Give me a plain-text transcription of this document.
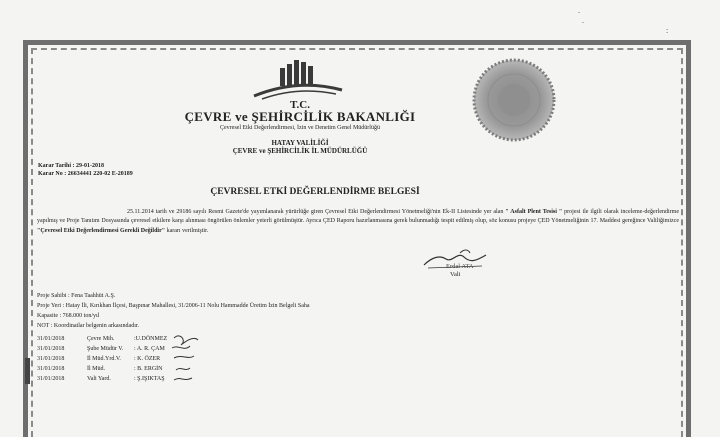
.
.
:
T.C.
ÇEVRE ve ŞEHİRCİLİK BAKANLIĞI
Çevresel Etki Değerlendirmesi, İzin ve Denetim Genel Müdürlüğü
HATAY VALİLİĞİ
ÇEVRE ve ŞEHİRCİLİK İL MÜDÜRLÜĞÜ
Karar Tarihi : 29-01-2018
Karar No : 26634441 220-02 E-20189
ÇEVRESEL ETKİ DEĞERLENDİRME BELGESİ

25.11.2014 tarih ve 29186 sayılı Resmi Gazete'de yayımlanarak yürürlüğe giren Çevresel Etki Değerlendirmesi Yönetmeliği'nin Ek-II Listesinde yer alan " Asfalt Plent Tesisi " projesi ile ilgili olarak inceleme-değerlendirme yapılmış ve Proje Tanıtım Dosyasında çevresel etkilere karşı alınması öngörülen önlemler yeterli görülmüştür. Ayrıca ÇED Raporu hazırlanmasına gerek bulunmadığı tespit edilmiş olup, söz konusu projeye ÇED Yönetmeliğinin 17. Maddesi gereğince Valiliğimizce "Çevresel Etki Değerlendirmesi Gerekli Değildir" kararı verilmiştir.

Erdal ATA
Vali
Proje Sahibi : Fena Taahhüt A.Ş.
Proje Yeri : Hatay İli, Kırıkhan İlçesi, Başpınar Mahallesi, 31/2006-11 Nolu Hammadde Üretim İzin Belgeli Saha
Kapasite : 768.000 ton/yıl
NOT : Koordinatlar belgenin arkasındadır.
31/01/2018	Çevre Mih.	:U.DÖNMEZ
31/01/2018	Şube Müdür V. : A. R. ÇAM
31/01/2018	İl Müd.Yrd.V. : K. ÖZER
31/01/2018	İl Müd.	: B. ERGİN
31/01/2018	Vali Yard.	: Ş.IŞIKTAŞ
